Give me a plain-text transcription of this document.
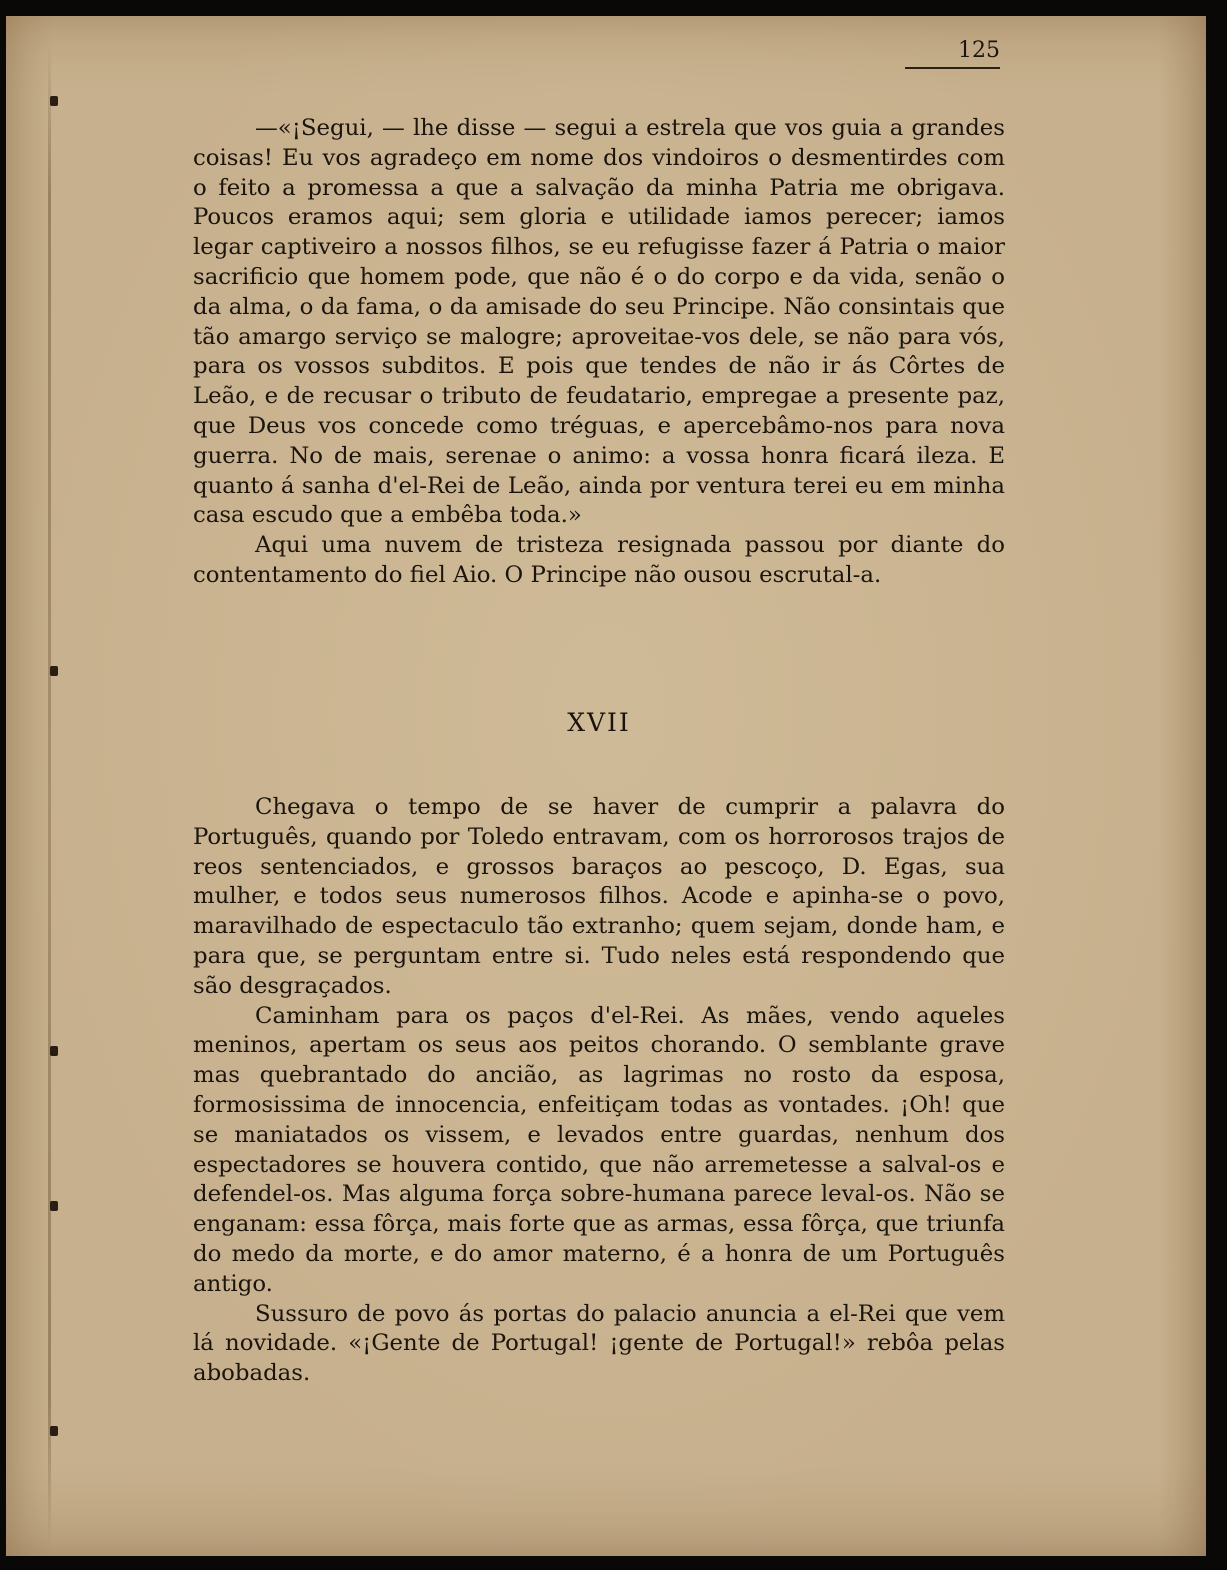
125

—«¡Segui, — lhe disse — segui a estrela que vos guia a grandes coisas! Eu vos agradeço em nome dos vindoiros o desmentirdes com o feito a promessa a que a salvação da minha Patria me obrigava. Poucos eramos aqui; sem gloria e utilidade iamos perecer; iamos legar captiveiro a nossos filhos, se eu refugisse fazer á Patria o maior sacrificio que homem pode, que não é o do corpo e da vida, senão o da alma, o da fama, o da amisade do seu Principe. Não consintais que tão amargo serviço se malogre; aproveitae-vos dele, se não para vós, para os vossos subditos. E pois que tendes de não ir ás Côrtes de Leão, e de recusar o tributo de feudatario, empregae a presente paz, que Deus vos concede como tréguas, e apercebâmo-nos para nova guerra. No de mais, serenae o animo: a vossa honra ficará ileza. E quanto á sanha d'el-Rei de Leão, ainda por ventura terei eu em minha casa escudo que a embêba toda.»

Aqui uma nuvem de tristeza resignada passou por diante do contentamento do fiel Aio. O Principe não ousou escrutal-a.

XVII

Chegava o tempo de se haver de cumprir a palavra do Português, quando por Toledo entravam, com os horrorosos trajos de reos sentenciados, e grossos baraços ao pescoço, D. Egas, sua mulher, e todos seus numerosos filhos. Acode e apinha-se o povo, maravilhado de espectaculo tão extranho; quem sejam, donde ham, e para que, se perguntam entre si. Tudo neles está respondendo que são desgraçados.

Caminham para os paços d'el-Rei. As mães, vendo aqueles meninos, apertam os seus aos peitos chorando. O semblante grave mas quebrantado do ancião, as lagrimas no rosto da esposa, formosissima de innocencia, enfeitiçam todas as vontades. ¡Oh! que se maniatados os vissem, e levados entre guardas, nenhum dos espectadores se houvera contido, que não arremetesse a salval-os e defendel-os. Mas alguma força sobre-humana parece leval-os. Não se enganam: essa fôrça, mais forte que as armas, essa fôrça, que triunfa do medo da morte, e do amor materno, é a honra de um Português antigo.

Sussuro de povo ás portas do palacio anuncia a el-Rei que vem lá novidade. «¡Gente de Portugal! ¡gente de Portugal!» rebôa pelas abobadas.
